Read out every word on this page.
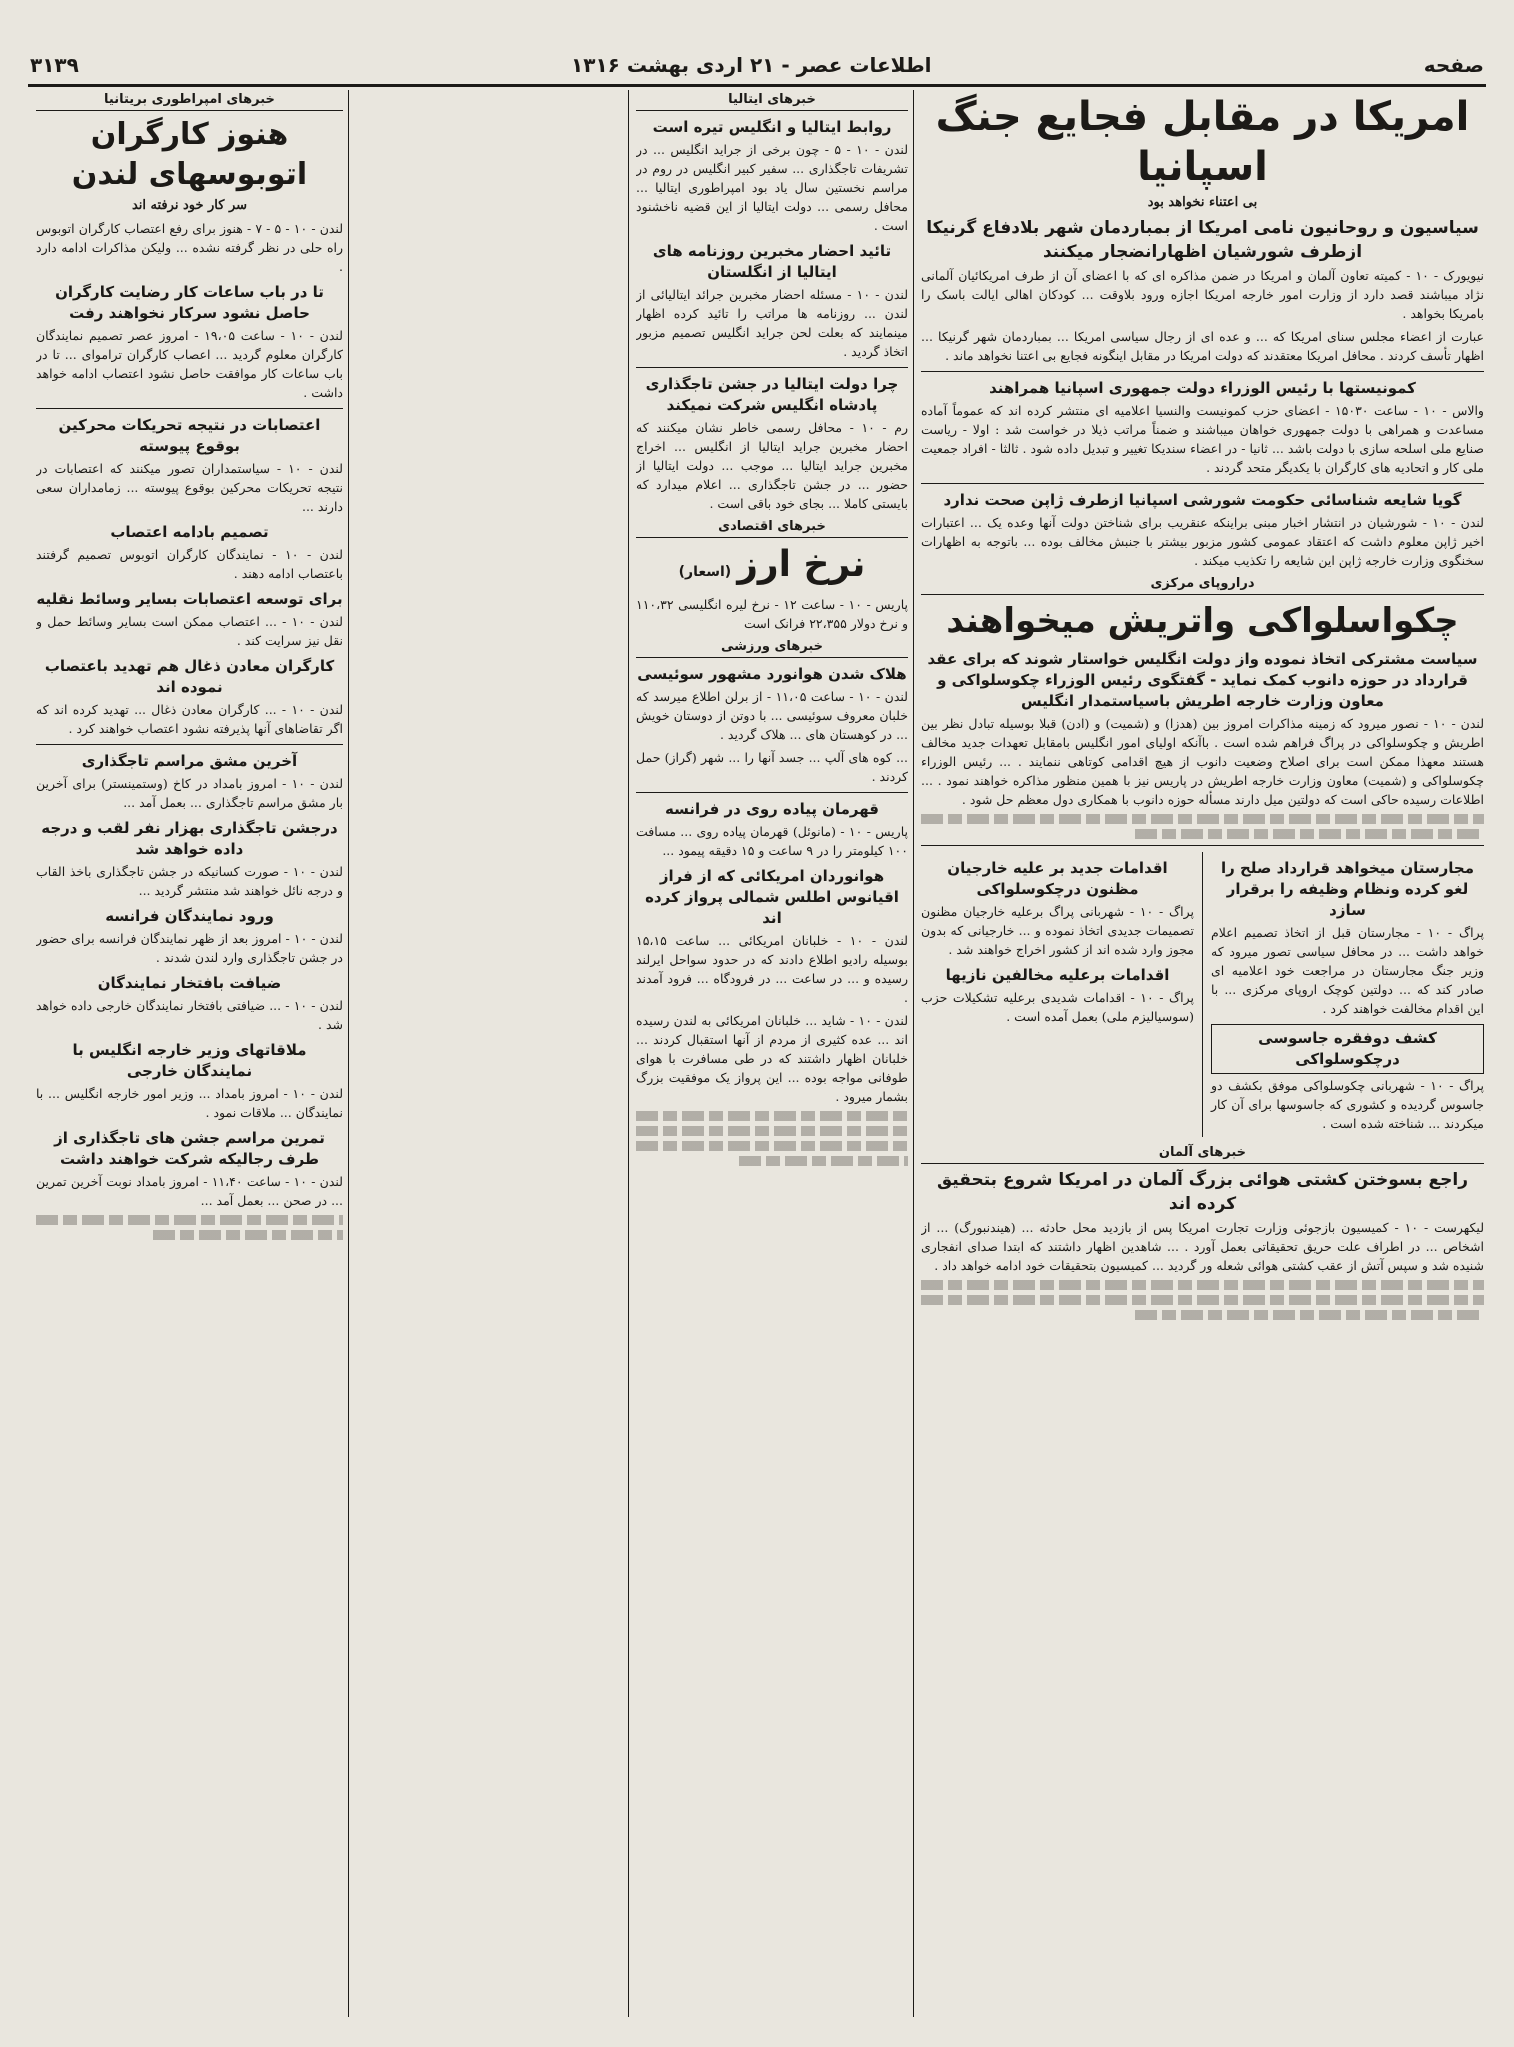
صفحه
اطلاعات عصر - ۲۱ اردی بهشت ۱۳۱۶
۳۱۳۹
امریکا در مقابل فجایع جنگ اسپانیا
بی اعتناء نخواهد بود
سیاسیون و روحانیون نامی امریکا از بمباردمان شهر بلادفاع گرنیکا ازطرف شورشیان اظهارانضجار میکنند

نیویورک - ۱۰ - کمیته تعاون آلمان و امریکا در ضمن مذاکره ای که با اعضای آن از طرف امریکائیان آلمانی نژاد میباشند قصد دارد از وزارت امور خارجه امریکا اجازه ورود بلاوقت ... کودکان اهالی ایالت باسک را بامریکا بخواهد .

عبارت از اعضاء مجلس سنای امریکا که ... و عده ای از رجال سیاسی امریکا ... بمباردمان شهر گرنیکا ... اظهار تأسف کردند . محافل امریکا معتقدند که دولت امریکا در مقابل اینگونه فجایع بی اعتنا نخواهد ماند .

کمونیستها با رئیس الوزراء دولت جمهوری اسپانیا همراهند

والاس - ۱۰ - ساعت ۱۵۰۳۰ - اعضای حزب کمونیست والنسیا اعلامیه ای منتشر کرده اند که عموماً آماده مساعدت و همراهی با دولت جمهوری خواهان میباشند و ضمناً مراتب ذیلا در خواست شد : اولا - ریاست صنایع ملی اسلحه سازی با دولت باشد ... ثانیا - در اعضاء سندیکا تغییر و تبدیل داده شود . ثالثا - افراد جمعیت ملی کار و اتحادیه های کارگران با یکدیگر متحد گردند .

گویا شایعه شناسائی حکومت شورشی اسپانیا ازطرف ژاپن صحت ندارد

لندن - ۱۰ - شورشیان در انتشار اخبار مبنی براینکه عنقریب برای شناختن دولت آنها وعده یک ... اعتبارات اخیر ژاپن معلوم داشت که اعتقاد عمومی کشور مزبور بیشتر با جنبش مخالف بوده ... باتوجه به اظهارات سخنگوی وزارت خارجه ژاپن این شایعه را تکذیب میکند .

دراروپای مرکزی
چکواسلواکی واتریش میخواهند
سیاست مشترکی اتخاذ نموده واز دولت انگلیس خواستار شوند که برای عقد قرارداد در حوزه دانوب کمک نماید - گفتگوی رئیس الوزراء چکوسلواکی و معاون وزارت خارجه اطریش باسیاستمدار انگلیس

لندن - ۱۰ - نصور میرود که زمینه مذاکرات امروز بین (هدزا) و (شمیت) و (ادن) قبلا بوسیله تبادل نظر بین اطریش و چکوسلواکی در پراگ فراهم شده است . باآنکه اولیای امور انگلیس بامقابل تعهدات جدید مخالف هستند معهذا ممکن است برای اصلاح وضعیت دانوب از هیچ اقدامی کوتاهی ننمایند . ... رئیس الوزراء چکوسلواکی و (شمیت) معاون وزارت خارجه اطریش در پاریس نیز با همین منظور مذاکره خواهند نمود . ... اطلاعات رسیده حاکی است که دولتین میل دارند مسأله حوزه دانوب با همکاری دول معظم حل شود .

مجارستان میخواهد قرارداد صلح را لغو کرده ونظام وظیفه را برقرار سازد

پراگ - ۱۰ - مجارستان قبل از اتخاذ تصمیم اعلام خواهد داشت ... در محافل سیاسی تصور میرود که وزیر جنگ مجارستان در مراجعت خود اعلامیه ای صادر کند که ... دولتین کوچک اروپای مرکزی ... با این اقدام مخالفت خواهند کرد .

کشف دوفقره جاسوسی درچکوسلواکی

پراگ - ۱۰ - شهربانی چکوسلواکی موفق بکشف دو جاسوس گردیده و کشوری که جاسوسها برای آن کار میکردند ... شناخته شده است .

اقدامات جدید بر علیه خارجیان مظنون درچکوسلواکی

پراگ - ۱۰ - شهربانی پراگ برعلیه خارجیان مظنون تصمیمات جدیدی اتخاذ نموده و ... خارجیانی که بدون مجوز وارد شده اند از کشور اخراج خواهند شد .

اقدامات برعلیه مخالفین نازیها

پراگ - ۱۰ - اقدامات شدیدی برعلیه تشکیلات حزب (سوسیالیزم ملی) بعمل آمده است .

خبرهای آلمان
راجع بسوختن کشتی هوائی بزرگ آلمان در امریکا شروع بتحقیق کرده اند

لیکهرست - ۱۰ - کمیسیون بازجوئی وزارت تجارت امریکا پس از بازدید محل حادثه ... (هیندنبورگ) ... از اشخاص ... در اطراف علت حریق تحقیقاتی بعمل آورد . ... شاهدین اظهار داشتند که ابتدا صدای انفجاری شنیده شد و سپس آتش از عقب کشتی هوائی شعله ور گردید ... کمیسیون بتحقیقات خود ادامه خواهد داد .

خبرهای ایتالیا
روابط ایتالیا و انگلیس تیره است

لندن - ۱۰ - ۵ - چون برخی از جراید انگلیس ... در تشریفات تاجگذاری ... سفیر کبیر انگلیس در روم در مراسم نخستین سال یاد بود امپراطوری ایتالیا ... محافل رسمی ... دولت ایتالیا از این قضیه ناخشنود است .

تائید احضار مخبرین روزنامه های ایتالیا از انگلستان

لندن - ۱۰ - مسئله احضار مخبرین جرائد ایتالیائی از لندن ... روزنامه ها مراتب را تائید کرده اظهار مینمایند که بعلت لحن جراید انگلیس تصمیم مزبور اتخاذ گردید .

چرا دولت ایتالیا در جشن تاجگذاری پادشاه انگلیس شرکت نمیکند

رم - ۱۰ - محافل رسمی خاطر نشان میکنند که احضار مخبرین جراید ایتالیا از انگلیس ... اخراج مخبرین جراید ایتالیا ... موجب ... دولت ایتالیا از حضور ... در جشن تاجگذاری ... اعلام میدارد که بایستی کاملا ... بجای خود باقی است .

خبرهای اقتصادی
نرخ ارز(اسعار)

پاریس - ۱۰ - ساعت ۱۲ - نرخ لیره انگلیسی ۱۱۰،۳۲ و نرخ دولار ۲۲،۳۵۵ فرانک است

خبرهای ورزشی
هلاک شدن هوانورد مشهور سوئیسی

لندن - ۱۰ - ساعت ۱۱،۰۵ - از برلن اطلاع میرسد که خلبان معروف سوئیسی ... با دوتن از دوستان خویش ... در کوهستان های ... هلاک گردید .

... کوه های آلپ ... جسد آنها را ... شهر (گراز) حمل کردند .

قهرمان پیاده روی در فرانسه

پاریس - ۱۰ - (مانوئل) قهرمان پیاده روی ... مسافت ۱۰۰ کیلومتر را در ۹ ساعت و ۱۵ دقیقه پیمود ...

هوانوردان امریکائی که از فراز اقیانوس اطلس شمالی پرواز کرده اند

لندن - ۱۰ - خلبانان امریکائی ... ساعت ۱۵،۱۵ بوسیله رادیو اطلاع دادند که در حدود سواحل ایرلند رسیده و ... در ساعت ... در فرودگاه ... فرود آمدند .

لندن - ۱۰ - شاید ... خلبانان امریکائی به لندن رسیده اند ... عده کثیری از مردم از آنها استقبال کردند ... خلبانان اظهار داشتند که در طی مسافرت با هوای طوفانی مواجه بوده ... این پرواز یک موفقیت بزرگ بشمار میرود .

خبرهای امپراطوری بریتانیا
هنوز کارگران اتوبوسهای لندن
سر کار خود نرفته اند

لندن - ۱۰ - ۵ - ۷ - هنوز برای رفع اعتصاب کارگران اتوبوس راه حلی در نظر گرفته نشده ... ولیکن مذاکرات ادامه دارد .

تا در باب ساعات کار رضایت کارگران حاصل نشود سرکار نخواهند رفت

لندن - ۱۰ - ساعت ۱۹،۰۵ - امروز عصر تصمیم نمایندگان کارگران معلوم گردید ... اعصاب کارگران تراموای ... تا در باب ساعات کار موافقت حاصل نشود اعتصاب ادامه خواهد داشت .

اعتصابات در نتیجه تحریکات محرکین بوقوع پیوسته

لندن - ۱۰ - سیاستمداران تصور میکنند که اعتصابات در نتیجه تحریکات محرکین بوقوع پیوسته ... زمامداران سعی دارند ...

تصمیم بادامه اعتصاب

لندن - ۱۰ - نمایندگان کارگران اتوبوس تصمیم گرفتند باعتصاب ادامه دهند .

برای توسعه اعتصابات بسایر وسائط نقلیه

لندن - ۱۰ - ... اعتصاب ممکن است بسایر وسائط حمل و نقل نیز سرایت کند .

کارگران معادن ذغال هم تهدید باعتصاب نموده اند

لندن - ۱۰ - ... کارگران معادن ذغال ... تهدید کرده اند که اگر تقاضاهای آنها پذیرفته نشود اعتصاب خواهند کرد .

آخرین مشق مراسم تاجگذاری

لندن - ۱۰ - امروز بامداد در کاخ (وستمینستر) برای آخرین بار مشق مراسم تاجگذاری ... بعمل آمد ...

درجشن تاجگذاری بهزار نفر لقب و درجه داده خواهد شد

لندن - ۱۰ - صورت کسانیکه در جشن تاجگذاری باخذ القاب و درجه نائل خواهند شد منتشر گردید ...

ورود نمایندگان فرانسه

لندن - ۱۰ - امروز بعد از ظهر نمایندگان فرانسه برای حضور در جشن تاجگذاری وارد لندن شدند .

ضیافت بافتخار نمایندگان

لندن - ۱۰ - ... ضیافتی بافتخار نمایندگان خارجی داده خواهد شد .

ملاقاتهای وزیر خارجه انگلیس با نمایندگان خارجی

لندن - ۱۰ - امروز بامداد ... وزیر امور خارجه انگلیس ... با نمایندگان ... ملاقات نمود .

تمرین مراسم جشن های تاجگذاری از طرف رجالیکه شرکت خواهند داشت

لندن - ۱۰ - ساعت ۱۱،۴۰ - امروز بامداد نوبت آخرین تمرین ... در صحن ... بعمل آمد ...
